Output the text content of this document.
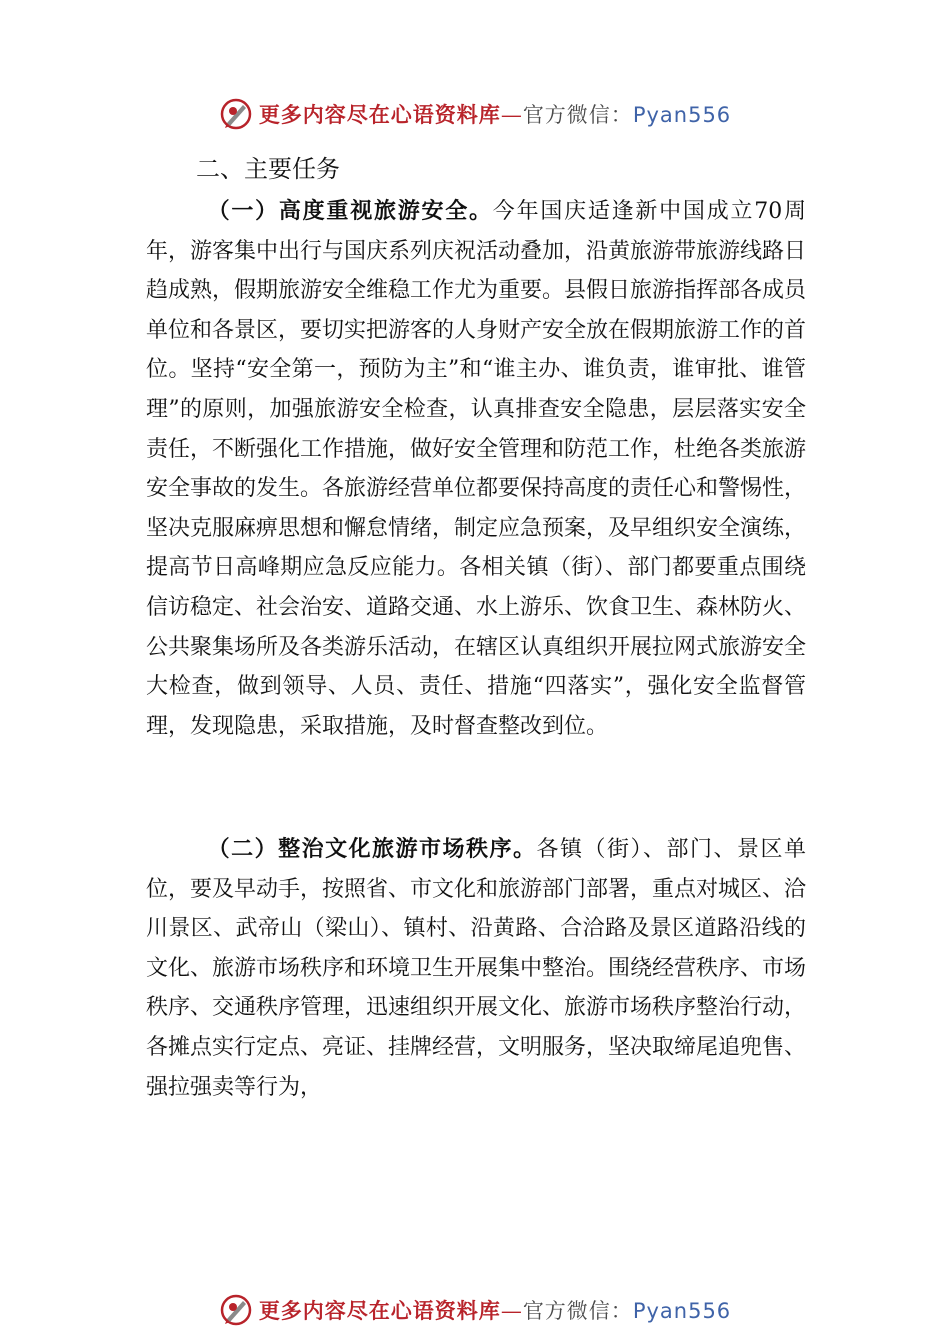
更多内容尽在心语资料库—官方微信：Pyan556
二、主要任务

（一）高度重视旅游安全。今年国庆适逢新中国成立70周年，游客集中出行与国庆系列庆祝活动叠加，沿黄旅游带旅游线路日趋成熟，假期旅游安全维稳工作尤为重要。县假日旅游指挥部各成员单位和各景区，要切实把游客的人身财产安全放在假期旅游工作的首位。坚持“安全第一，预防为主”和“谁主办、谁负责，谁审批、谁管理”的原则，加强旅游安全检查，认真排查安全隐患，层层落实安全责任，不断强化工作措施，做好安全管理和防范工作，杜绝各类旅游安全事故的发生。各旅游经营单位都要保持高度的责任心和警惕性，坚决克服麻痹思想和懈怠情绪，制定应急预案，及早组织安全演练，提高节日高峰期应急反应能力。各相关镇（街）、部门都要重点围绕信访稳定、社会治安、道路交通、水上游乐、饮食卫生、森林防火、公共聚集场所及各类游乐活动，在辖区认真组织开展拉网式旅游安全大检查，做到领导、人员、责任、措施“四落实”，强化安全监督管理，发现隐患，采取措施，及时督查整改到位。

（二）整治文化旅游市场秩序。各镇（街）、部门、景区单位，要及早动手，按照省、市文化和旅游部门部署，重点对城区、洽川景区、武帝山（梁山）、镇村、沿黄路、合洽路及景区道路沿线的文化、旅游市场秩序和环境卫生开展集中整治。围绕经营秩序、市场秩序、交通秩序管理，迅速组织开展文化、旅游市场秩序整治行动，各摊点实行定点、亮证、挂牌经营，文明服务，坚决取缔尾追兜售、强拉强卖等行为，

更多内容尽在心语资料库—官方微信：Pyan556
